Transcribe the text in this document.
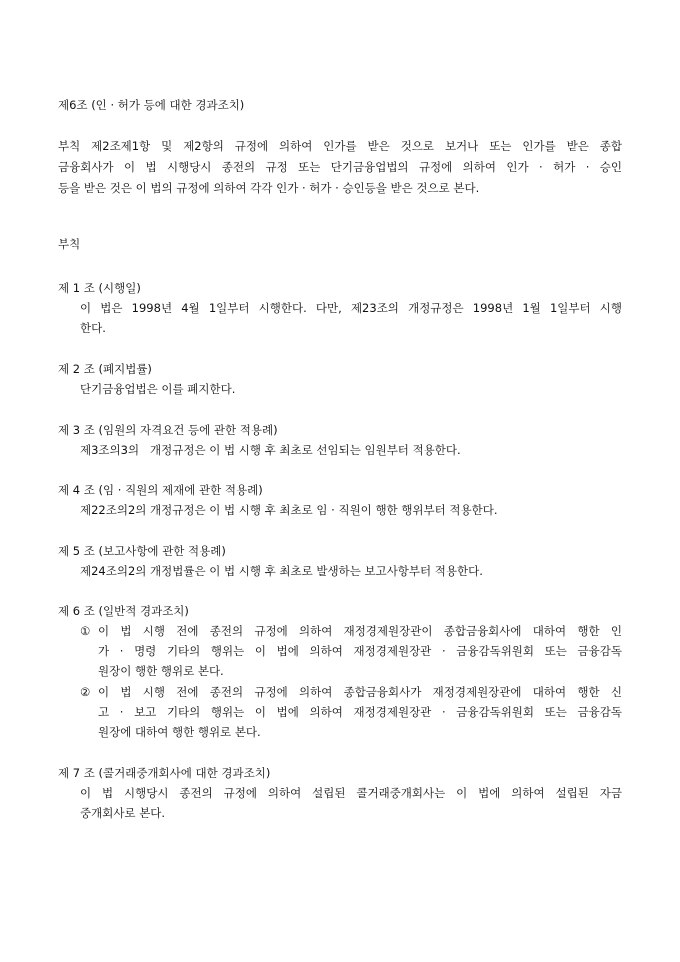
제6조 (인 · 허가 등에 대한 경과조치)
부칙 제2조제1항 및 제2항의 규정에 의하여 인가를 받은 것으로 보거나 또는 인가를 받은 종합
금융회사가 이 법 시행당시 종전의 규정 또는 단기금융업법의 규정에 의하여 인가 · 허가 · 승인
등을 받은 것은 이 법의 규정에 의하여 각각 인가 · 허가 · 승인등을 받은 것으로 본다.
부칙
제 1 조 (시행일)
이 법은 1998년 4월 1일부터 시행한다. 다만, 제23조의 개정규정은 1998년 1월 1일부터 시행
한다.
제 2 조 (폐지법률)
단기금융업법은 이를 폐지한다.
제 3 조 (임원의 자격요건 등에 관한 적용례)
제3조의3의   개정규정은 이 법 시행 후 최초로 선임되는 임원부터 적용한다.
제 4 조 (임 · 직원의 제재에 관한 적용례)
제22조의2의 개정규정은 이 법 시행 후 최초로 임 · 직원이 행한 행위부터 적용한다.
제 5 조 (보고사항에 관한 적용례)
제24조의2의 개정법률은 이 법 시행 후 최초로 발생하는 보고사항부터 적용한다.
제 6 조 (일반적 경과조치)
① 이 법 시행 전에 종전의 규정에 의하여 재정경제원장관이 종합금융회사에 대하여 행한 인
가 · 명령 기타의 행위는 이 법에 의하여 재정경제원장관 · 금융감독위원회 또는 금융감독
원장이 행한 행위로 본다.
② 이 법 시행 전에 종전의 규정에 의하여 종합금융회사가 재정경제원장관에 대하여 행한 신
고 · 보고 기타의 행위는 이 법에 의하여 재정경제원장관 · 금융감독위원회 또는 금융감독
원장에 대하여 행한 행위로 본다.
제 7 조 (콜거래중개회사에 대한 경과조치)
이 법 시행당시 종전의 규정에 의하여 설립된 콜거래중개회사는 이 법에 의하여 설립된 자금
중개회사로 본다.
